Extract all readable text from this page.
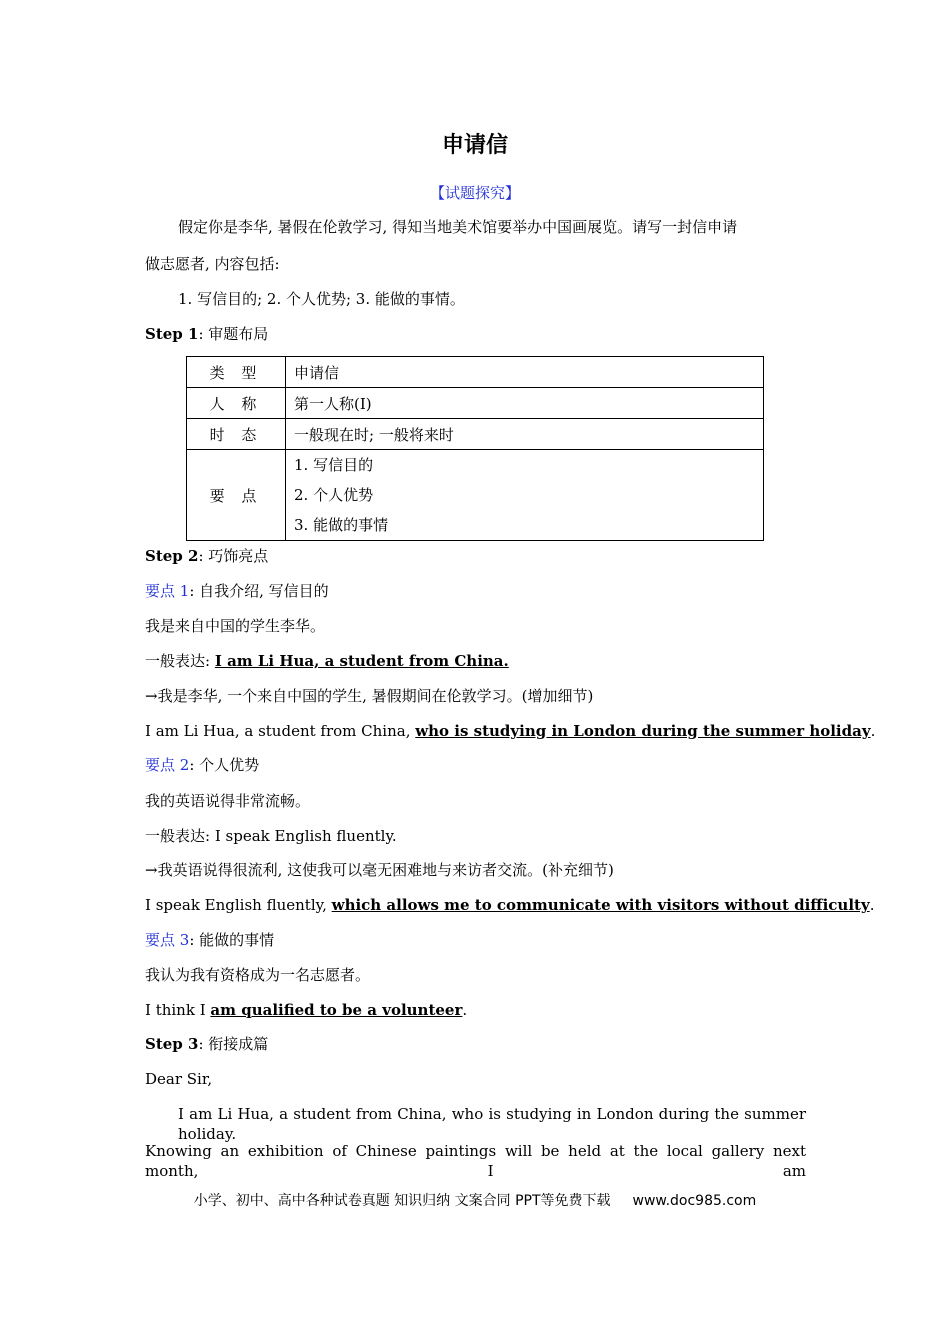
申请信
【试题探究】
假定你是李华, 暑假在伦敦学习, 得知当地美术馆要举办中国画展览。请写一封信申请
做志愿者, 内容包括:
1. 写信目的; 2. 个人优势; 3. 能做的事情。
Step 1: 审题布局
类 型	申请信
人 称	第一人称(I)
时 态	一般现在时; 一般将来时
要 点	1. 写信目的
2. 个人优势
3. 能做的事情
Step 2: 巧饰亮点
要点 1: 自我介绍, 写信目的
我是来自中国的学生李华。
一般表达: I am Li Hua, a student from China.
→我是李华, 一个来自中国的学生, 暑假期间在伦敦学习。(增加细节)
I am Li Hua, a student from China, who is studying in London during the summer holiday.
要点 2: 个人优势
我的英语说得非常流畅。
一般表达: I speak English fluently.
→我英语说得很流利, 这使我可以毫无困难地与来访者交流。(补充细节)
I speak English fluently, which allows me to communicate with visitors without difficulty.
要点 3: 能做的事情
我认为我有资格成为一名志愿者。
I think I am qualified to be a volunteer.
Step 3: 衔接成篇
Dear Sir,
I am Li Hua, a student from China, who is studying in London during the summer holiday.
Knowing an exhibition of Chinese paintings will be held at the local gallery next month, I am
小学、初中、高中各种试卷真题 知识归纳 文案合同 PPT等免费下载 www.doc985.com
